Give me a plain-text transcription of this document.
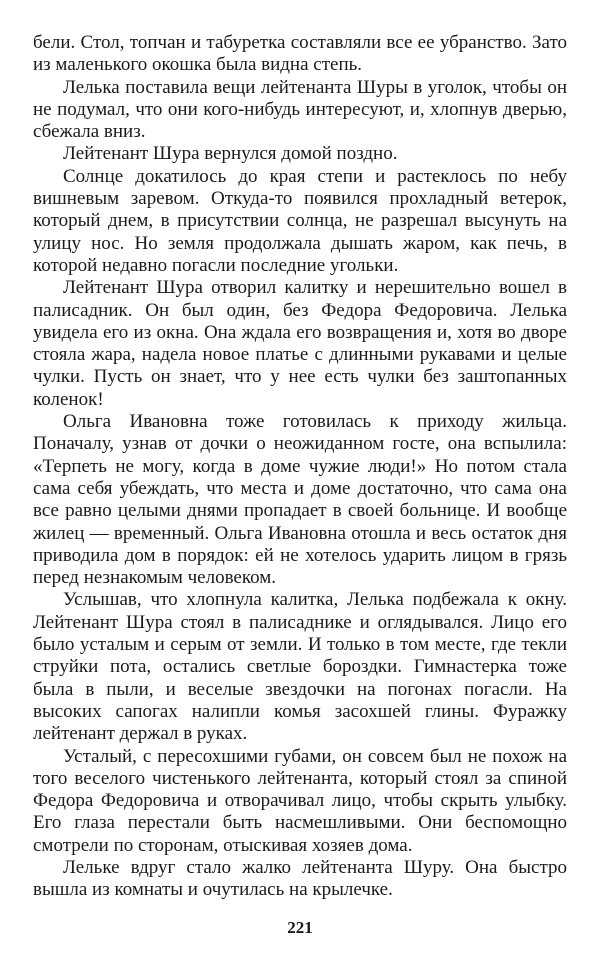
бели. Стол, топчан и табуретка составляли все ее убранство. Зато из маленького окошка была видна степь.

Лелька поставила вещи лейтенанта Шуры в уголок, чтобы он не подумал, что они кого-нибудь интересуют, и, хлопнув дверью, сбежала вниз.

Лейтенант Шура вернулся домой поздно.

Солнце докатилось до края степи и растеклось по небу вишневым заревом. Откуда-то появился прохладный ветерок, который днем, в присутствии солнца, не разрешал высунуть на улицу нос. Но земля продолжала дышать жаром, как печь, в которой недавно погасли последние угольки.

Лейтенант Шура отворил калитку и нерешительно вошел в палисадник. Он был один, без Федора Федоровича. Лелька увидела его из окна. Она ждала его возвращения и, хотя во дворе стояла жара, надела новое платье с длинными рукавами и целые чулки. Пусть он знает, что у нее есть чулки без заштопанных коленок!

Ольга Ивановна тоже готовилась к приходу жильца. Поначалу, узнав от дочки о неожиданном госте, она вспылила: «Терпеть не могу, когда в доме чужие люди!» Но потом стала сама себя убеждать, что места и доме достаточно, что сама она все равно целыми днями пропадает в своей больнице. И вообще жилец — временный. Ольга Ивановна отошла и весь остаток дня приводила дом в порядок: ей не хотелось ударить лицом в грязь перед незнакомым человеком.

Услышав, что хлопнула калитка, Лелька подбежала к окну. Лейтенант Шура стоял в палисаднике и оглядывался. Лицо его было усталым и серым от земли. И только в том месте, где текли струйки пота, остались светлые бороздки. Гимнастерка тоже была в пыли, и веселые звездочки на погонах погасли. На высоких сапогах налипли комья засохшей глины. Фуражку лейтенант держал в руках.

Усталый, с пересохшими губами, он совсем был не похож на того веселого чистенького лейтенанта, который стоял за спиной Федора Федоровича и отворачивал лицо, чтобы скрыть улыбку. Его глаза перестали быть насмешливыми. Они беспомощно смотрели по сторонам, отыскивая хозяев дома.

Лельке вдруг стало жалко лейтенанта Шуру. Она быстро вышла из комнаты и очутилась на крылечке.

221
